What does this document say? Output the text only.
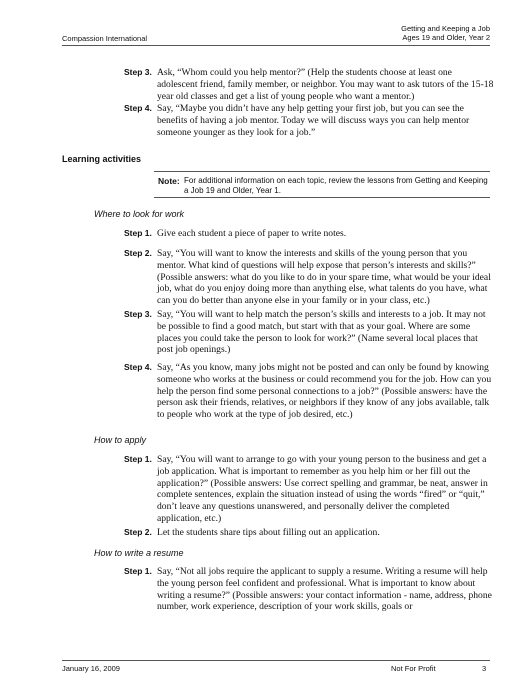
Compassion International
Getting and Keeping a Job
Ages 19 and Older, Year 2
Step 3. Ask, “Whom could you help mentor?” (Help the students choose at least one adolescent friend, family member, or neighbor. You may want to ask tutors of the 15-18 year old classes and get a list of young people who want a mentor.)
Step 4. Say, “Maybe you didn’t have any help getting your first job, but you can see the benefits of having a job mentor. Today we will discuss ways you can help mentor someone younger as they look for a job.”
Learning activities
Note: For additional information on each topic, review the lessons from Getting and Keeping a Job 19 and Older, Year 1.
Where to look for work
Step 1. Give each student a piece of paper to write notes.
Step 2. Say, “You will want to know the interests and skills of the young person that you mentor. What kind of questions will help expose that person’s interests and skills?” (Possible answers: what do you like to do in your spare time, what would be your ideal job, what do you enjoy doing more than anything else, what talents do you have, what can you do better than anyone else in your family or in your class, etc.)
Step 3. Say, “You will want to help match the person’s skills and interests to a job. It may not be possible to find a good match, but start with that as your goal. Where are some places you could take the person to look for work?” (Name several local places that post job openings.)
Step 4. Say, “As you know, many jobs might not be posted and can only be found by knowing someone who works at the business or could recommend you for the job. How can you help the person find some personal connections to a job?” (Possible answers: have the person ask their friends, relatives, or neighbors if they know of any jobs available, talk to people who work at the type of job desired, etc.)
How to apply
Step 1. Say, “You will want to arrange to go with your young person to the business and get a job application. What is important to remember as you help him or her fill out the application?” (Possible answers: Use correct spelling and grammar, be neat, answer in complete sentences, explain the situation instead of using the words “fired” or “quit,” don’t leave any questions unanswered, and personally deliver the completed application, etc.)
Step 2. Let the students share tips about filling out an application.
How to write a resume
Step 1. Say, “Not all jobs require the applicant to supply a resume. Writing a resume will help the young person feel confident and professional. What is important to know about writing a resume?” (Possible answers: your contact information - name, address, phone number, work experience, description of your work skills, goals or
January 16, 2009	Not For Profit	3
